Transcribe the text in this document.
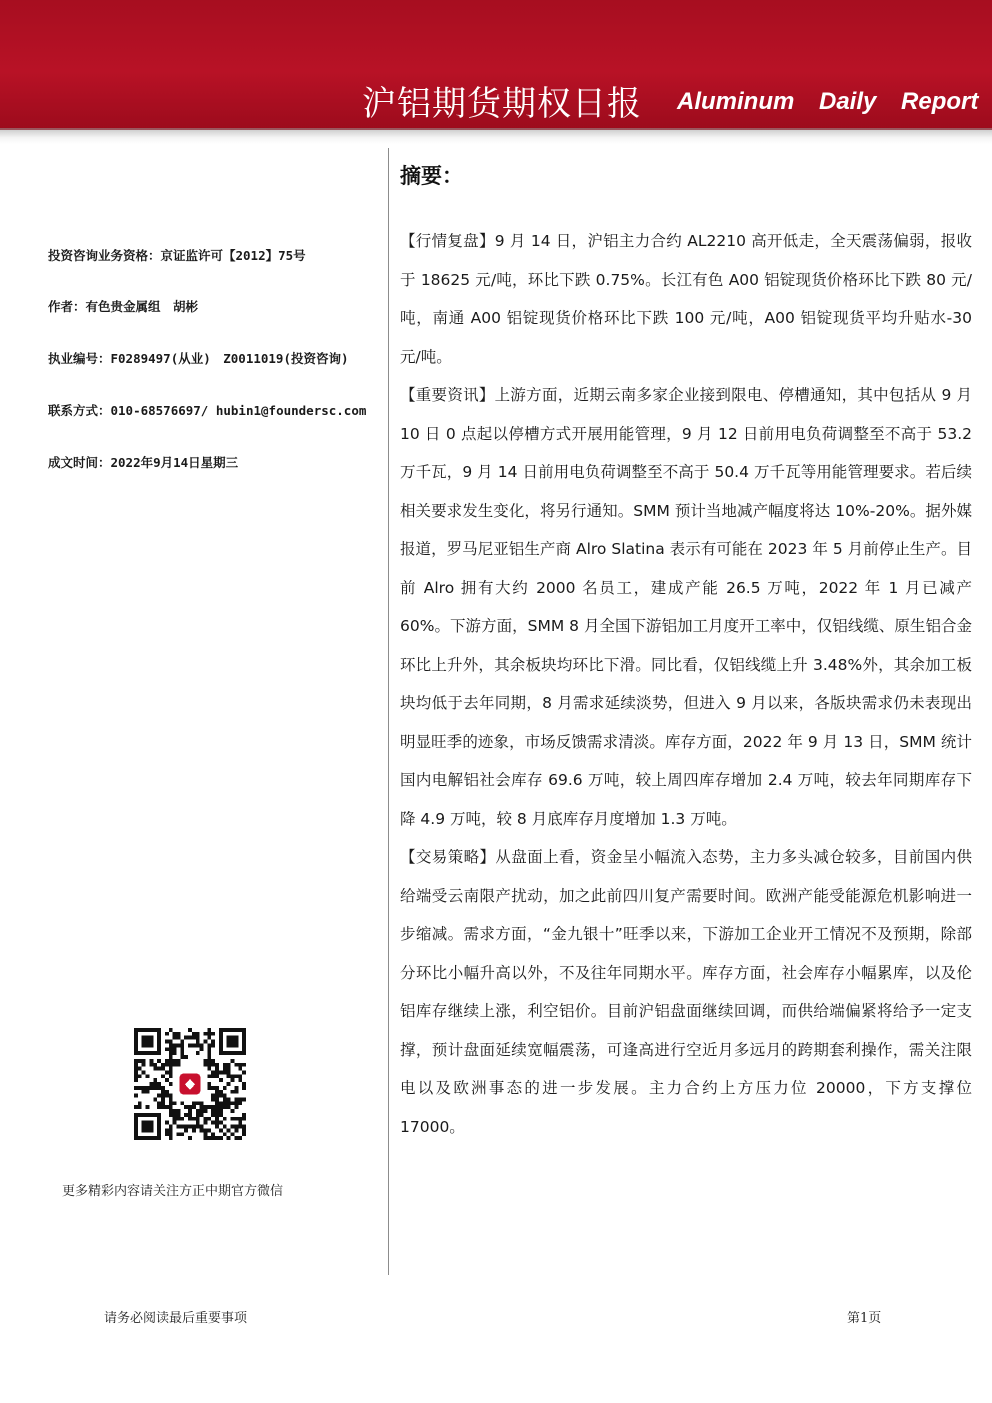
沪铝期货期权日报 Aluminum Daily Report
摘要：
投资咨询业务资格：京证监许可【2012】75号
作者：有色贵金属组　胡彬
执业编号：F0289497(从业)　Z0011019(投资咨询)
联系方式：010-68576697/ hubin1@foundersc.com
成文时间：2022年9月14日星期三

【行情复盘】9 月 14 日，沪铝主力合约 AL2210 高开低走，全天震荡偏弱，报收于 18625 元/吨，环比下跌 0.75%。长江有色 A00 铝锭现货价格环比下跌 80 元/吨，南通 A00 铝锭现货价格环比下跌 100 元/吨，A00 铝锭现货平均升贴水-30 元/吨。

【重要资讯】上游方面，近期云南多家企业接到限电、停槽通知，其中包括从 9 月 10 日 0 点起以停槽方式开展用能管理，9 月 12 日前用电负荷调整至不高于 53.2 万千瓦，9 月 14 日前用电负荷调整至不高于 50.4 万千瓦等用能管理要求。若后续相关要求发生变化，将另行通知。SMM 预计当地减产幅度将达 10%-20%。据外媒报道，罗马尼亚铝生产商 Alro Slatina 表示有可能在 2023 年 5 月前停止生产。目前 Alro 拥有大约 2000 名员工，建成产能 26.5 万吨，2022 年 1 月已减产 60%。下游方面，SMM 8 月全国下游铝加工月度开工率中，仅铝线缆、原生铝合金环比上升外，其余板块均环比下滑。同比看，仅铝线缆上升 3.48%外，其余加工板块均低于去年同期，8 月需求延续淡势，但进入 9 月以来，各版块需求仍未表现出明显旺季的迹象，市场反馈需求清淡。库存方面，2022 年 9 月 13 日，SMM 统计国内电解铝社会库存 69.6 万吨，较上周四库存增加 2.4 万吨，较去年同期库存下降 4.9 万吨，较 8 月底库存月度增加 1.3 万吨。

【交易策略】从盘面上看，资金呈小幅流入态势，主力多头减仓较多，目前国内供给端受云南限产扰动，加之此前四川复产需要时间。欧洲产能受能源危机影响进一步缩减。需求方面，“金九银十”旺季以来，下游加工企业开工情况不及预期，除部分环比小幅升高以外，不及往年同期水平。库存方面，社会库存小幅累库，以及伦铝库存继续上涨，利空铝价。目前沪铝盘面继续回调，而供给端偏紧将给予一定支撑，预计盘面延续宽幅震荡，可逢高进行空近月多远月的跨期套利操作，需关注限电以及欧洲事态的进一步发展。主力合约上方压力位 20000，下方支撑位 17000。

更多精彩内容请关注方正中期官方微信
请务必阅读最后重要事项	第1页
